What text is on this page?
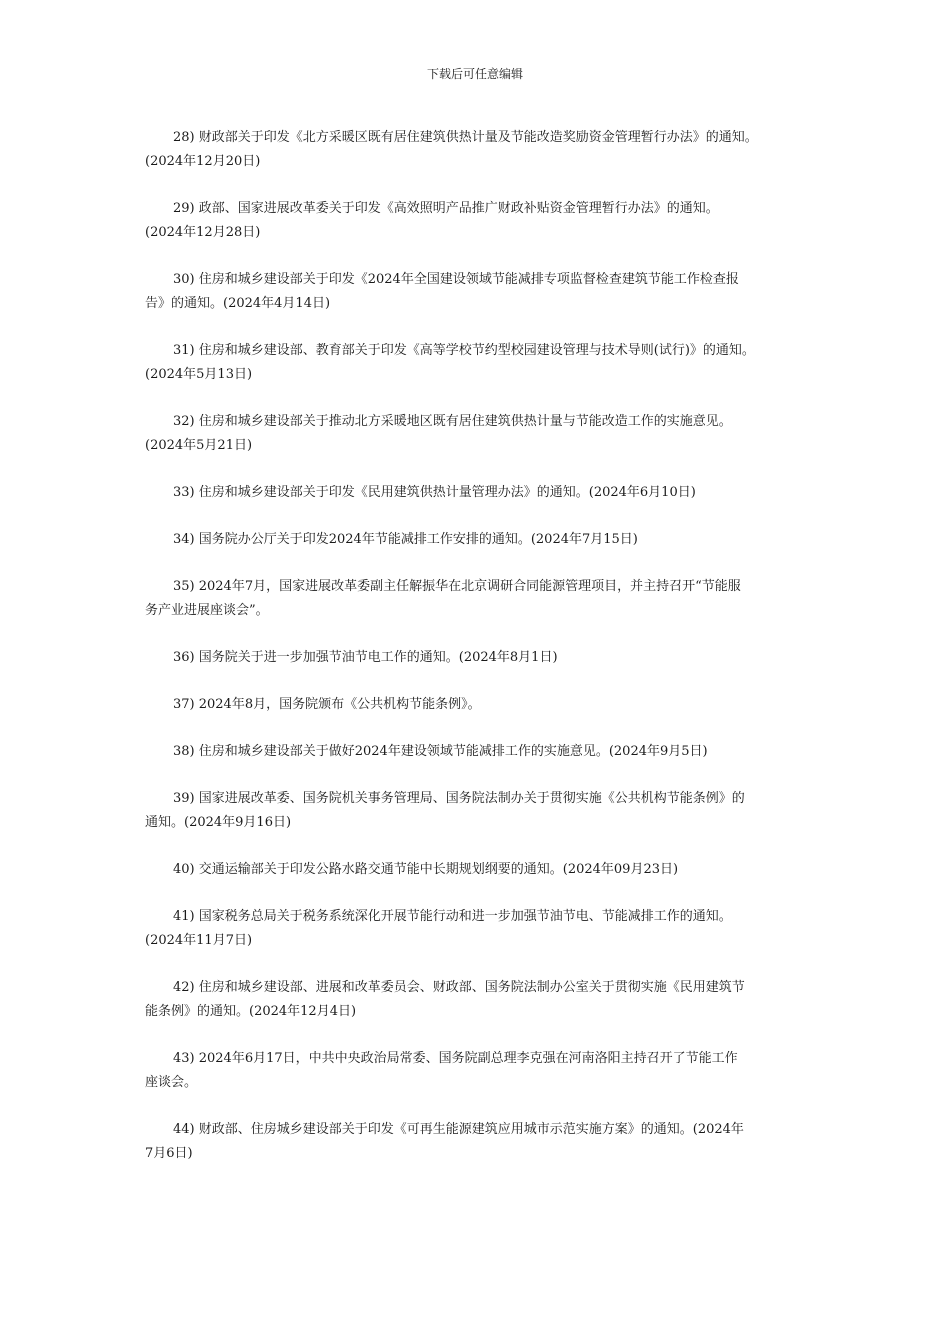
下载后可任意编辑

28) 财政部关于印发《北方采暖区既有居住建筑供热计量及节能改造奖励资金管理暂行办法》的通知。
(2024年12月20日)

29) 政部、国家进展改革委关于印发《高效照明产品推广财政补贴资金管理暂行办法》的通知。
(2024年12月28日)

30) 住房和城乡建设部关于印发《2024年全国建设领域节能减排专项监督检查建筑节能工作检查报
告》的通知。(2024年4月14日)

31) 住房和城乡建设部、教育部关于印发《高等学校节约型校园建设管理与技术导则(试行)》的通知。
(2024年5月13日)

32) 住房和城乡建设部关于推动北方采暖地区既有居住建筑供热计量与节能改造工作的实施意见。
(2024年5月21日)

33) 住房和城乡建设部关于印发《民用建筑供热计量管理办法》的通知。(2024年6月10日)

34) 国务院办公厅关于印发2024年节能减排工作安排的通知。(2024年7月15日)

35) 2024年7月，国家进展改革委副主任解振华在北京调研合同能源管理项目，并主持召开“节能服
务产业进展座谈会”。

36) 国务院关于进一步加强节油节电工作的通知。(2024年8月1日)

37) 2024年8月，国务院颁布《公共机构节能条例》。

38) 住房和城乡建设部关于做好2024年建设领域节能减排工作的实施意见。(2024年9月5日)

39) 国家进展改革委、国务院机关事务管理局、国务院法制办关于贯彻实施《公共机构节能条例》的
通知。(2024年9月16日)

40) 交通运输部关于印发公路水路交通节能中长期规划纲要的通知。(2024年09月23日)

41) 国家税务总局关于税务系统深化开展节能行动和进一步加强节油节电、节能减排工作的通知。
(2024年11月7日)

42) 住房和城乡建设部、进展和改革委员会、财政部、国务院法制办公室关于贯彻实施《民用建筑节
能条例》的通知。(2024年12月4日)

43) 2024年6月17日，中共中央政治局常委、国务院副总理李克强在河南洛阳主持召开了节能工作
座谈会。

44) 财政部、住房城乡建设部关于印发《可再生能源建筑应用城市示范实施方案》的通知。(2024年
7月6日)
